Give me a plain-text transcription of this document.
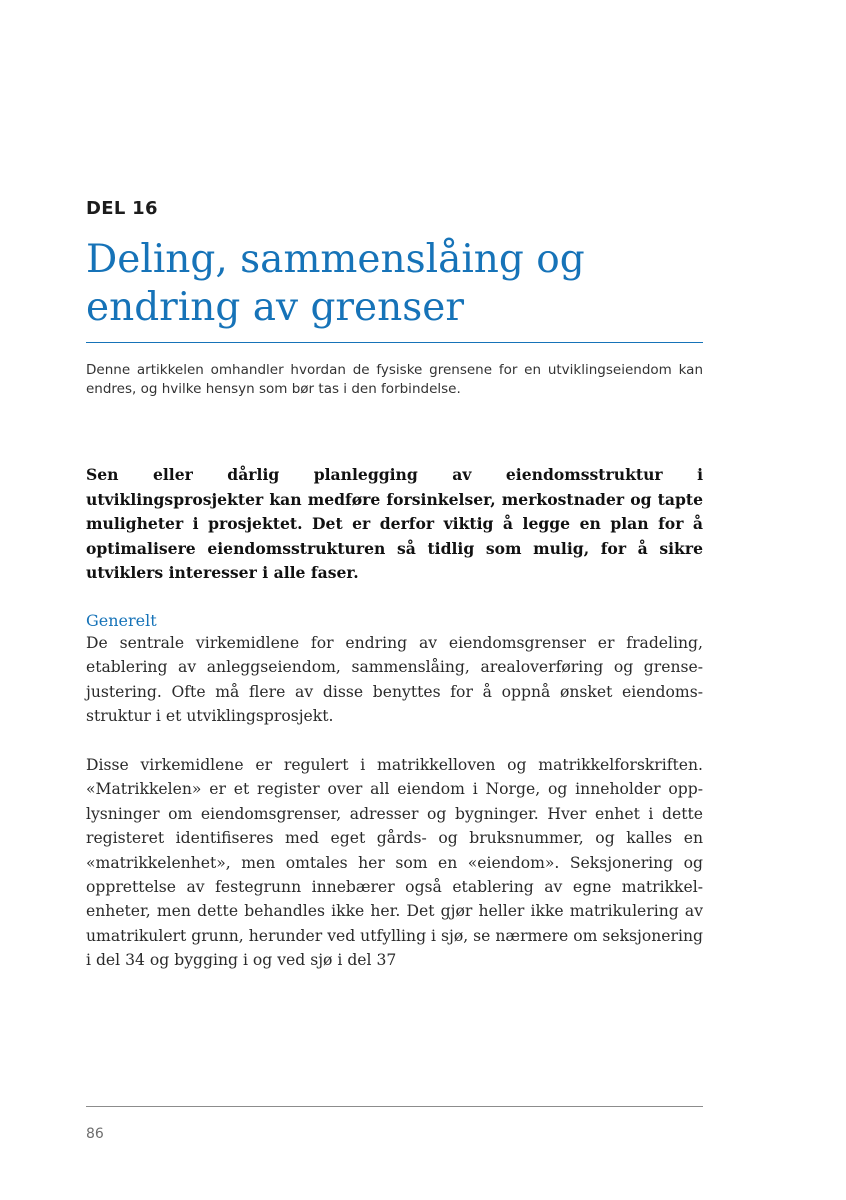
DEL 16
Deling, sammenslåing og
endring av grenser

Denne artikkelen omhandler hvordan de fysiske grensene for en utviklingseiendom kan endres, og hvilke hensyn som bør tas i den forbindelse.

Sen eller dårlig planlegging av eiendomsstruktur i utviklingsprosjekter kan medføre forsinkelser, merkostnader og tapte muligheter i prosjektet. Det er derfor viktig å legge en plan for å optimalisere eiendomsstrukturen så tidlig som mulig, for å sikre utviklers interesser i alle faser.

Generelt

De sentrale virkemidlene for endring av eiendomsgrenser er fradeling, etablering av anleggseiendom, sammenslåing, arealoverføring og grensejustering. Ofte må flere av disse benyttes for å oppnå ønsket eiendomsstruktur i et utviklingsprosjekt.

Disse virkemidlene er regulert i matrikkelloven og matrikkelforskriften. «Matrikkelen» er et register over all eiendom i Norge, og inneholder opplysninger om eiendomsgrenser, adresser og bygninger. Hver enhet i dette registeret identifiseres med eget gårds- og bruksnummer, og kalles en «matrikkelenhet», men omtales her som en «eiendom». Seksjonering og opprettelse av festegrunn innebærer også etablering av egne matrikkelenheter, men dette behandles ikke her. Det gjør heller ikke matrikulering av umatrikulert grunn, herunder ved utfylling i sjø, se nærmere om seksjonering i del 34 og bygging i og ved sjø i del 37

86
